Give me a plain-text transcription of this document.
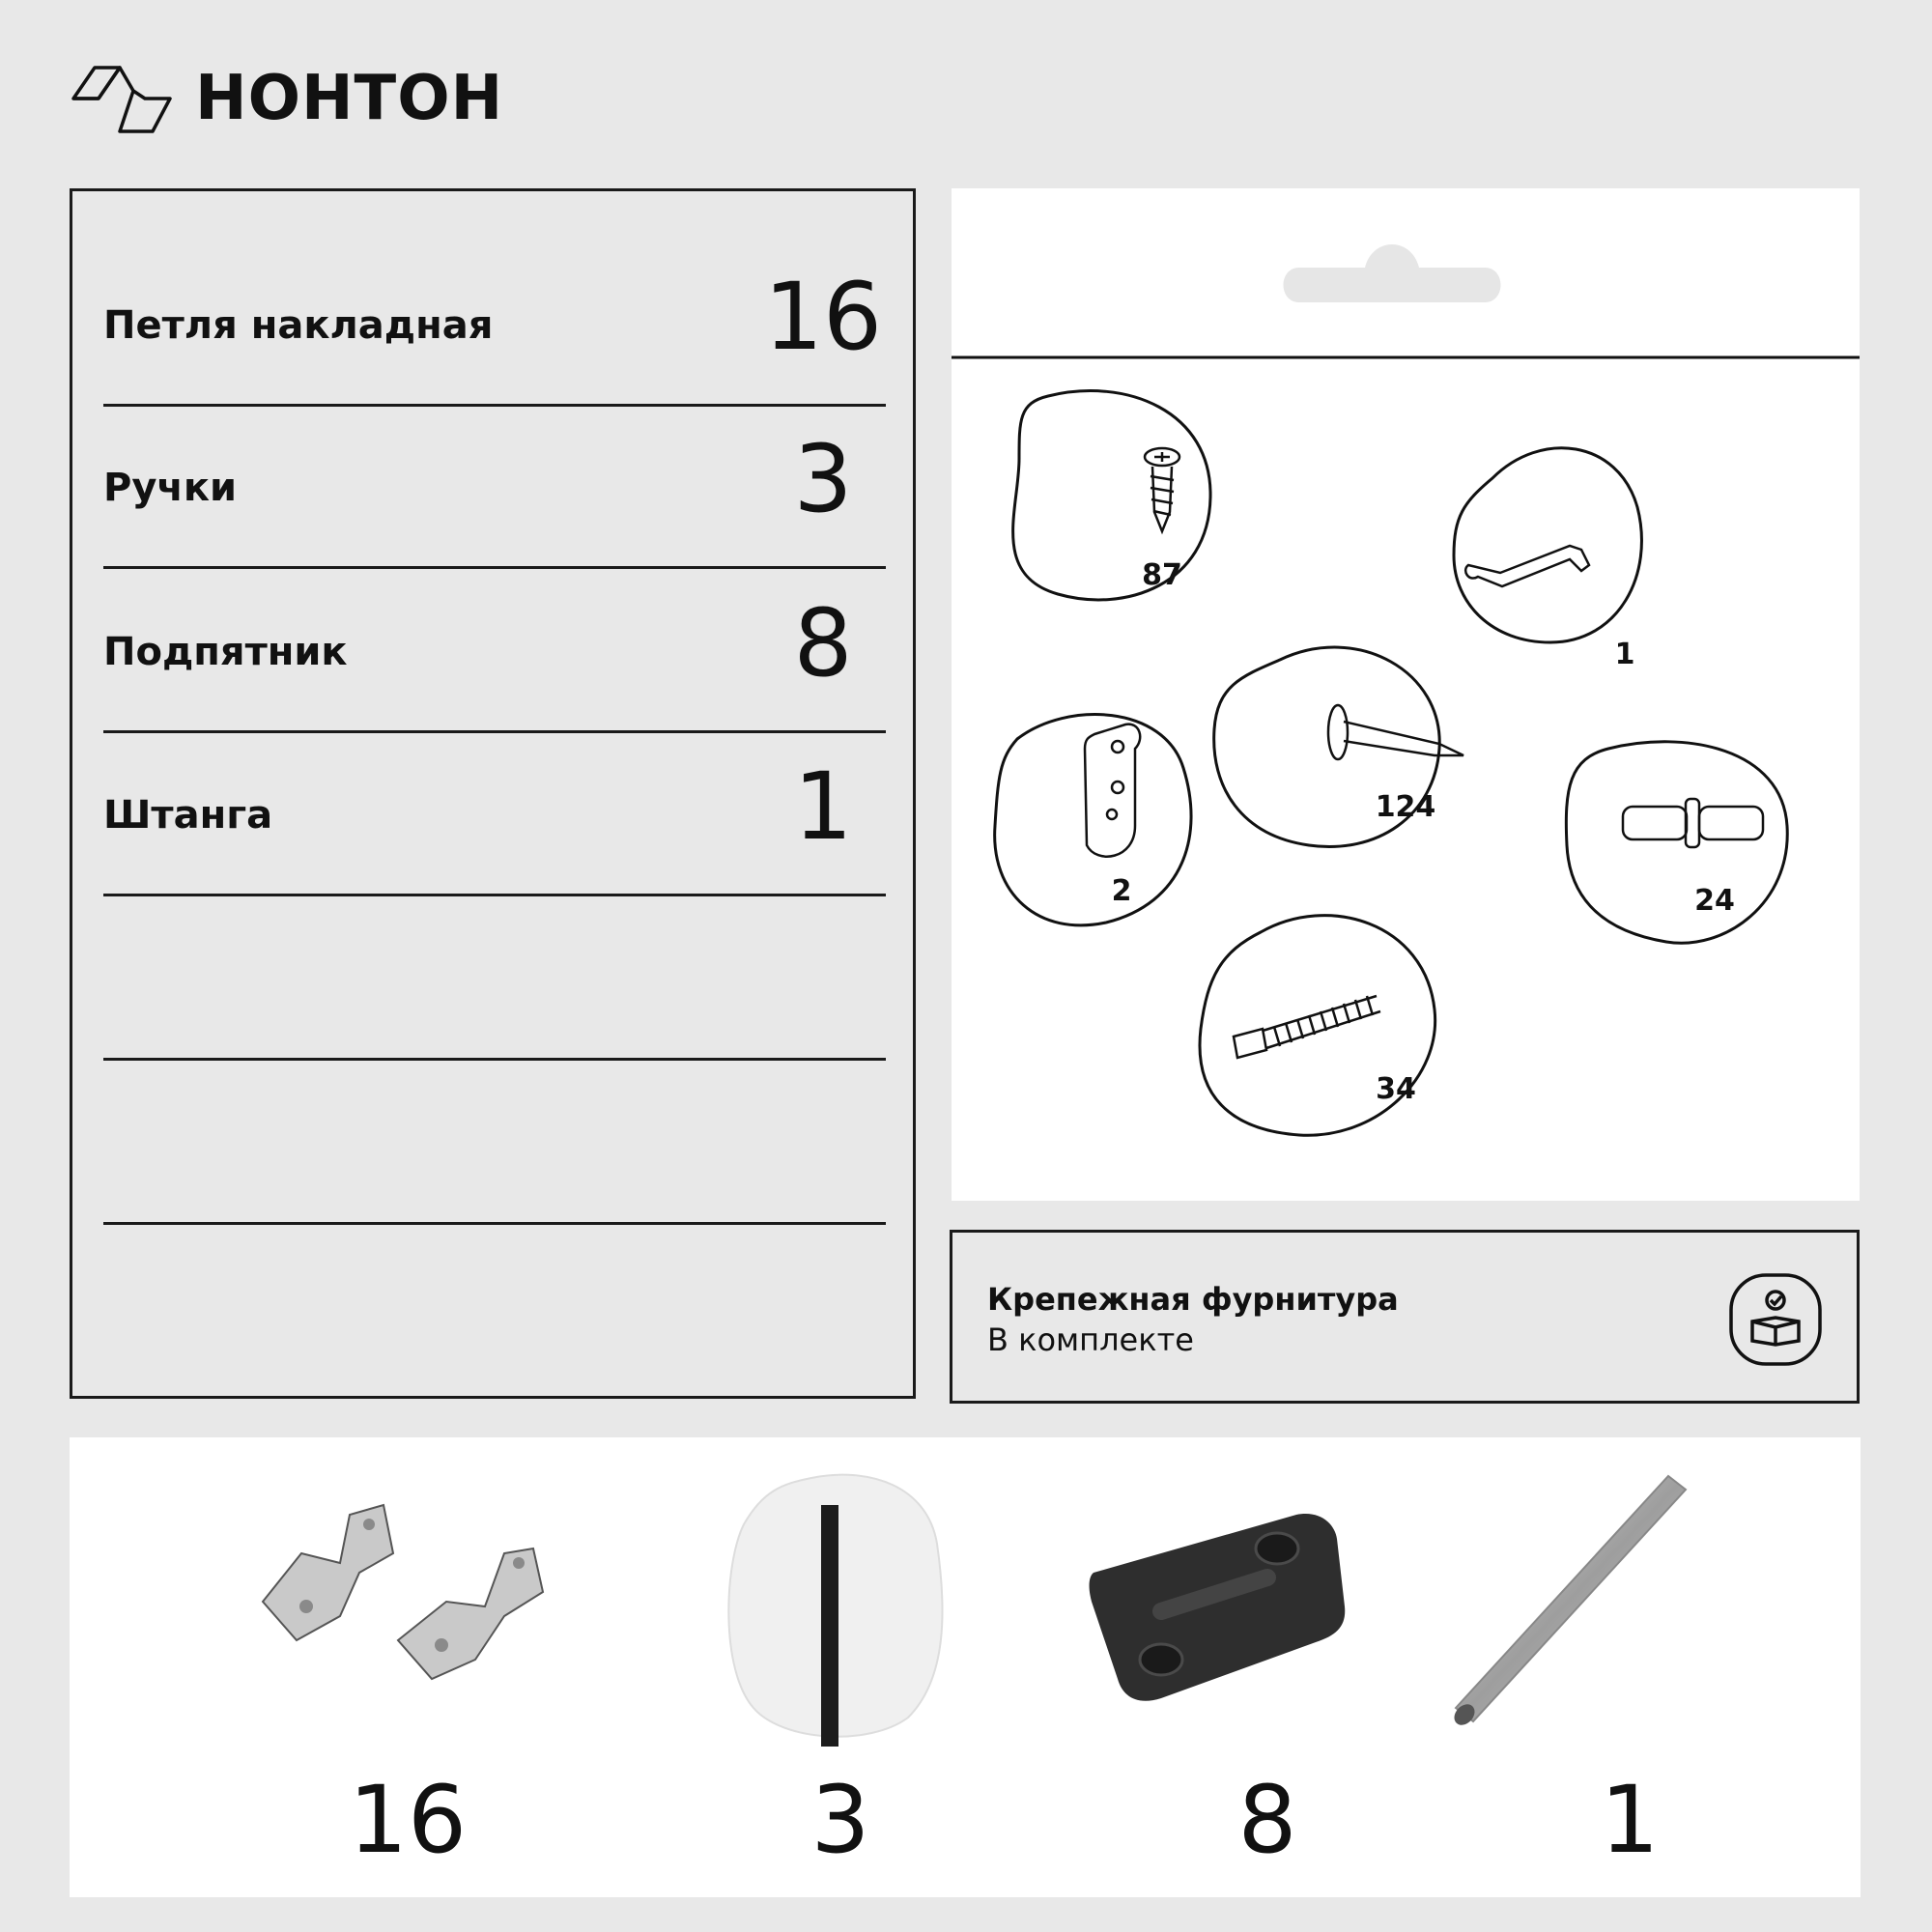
НОНТОН
Петля накладная	16
Ручки	3
Подпятник	8
Штанга	1
87
1
124
2	24
34
Крепежная фурнитура
В комплекте
16	3	8	1
